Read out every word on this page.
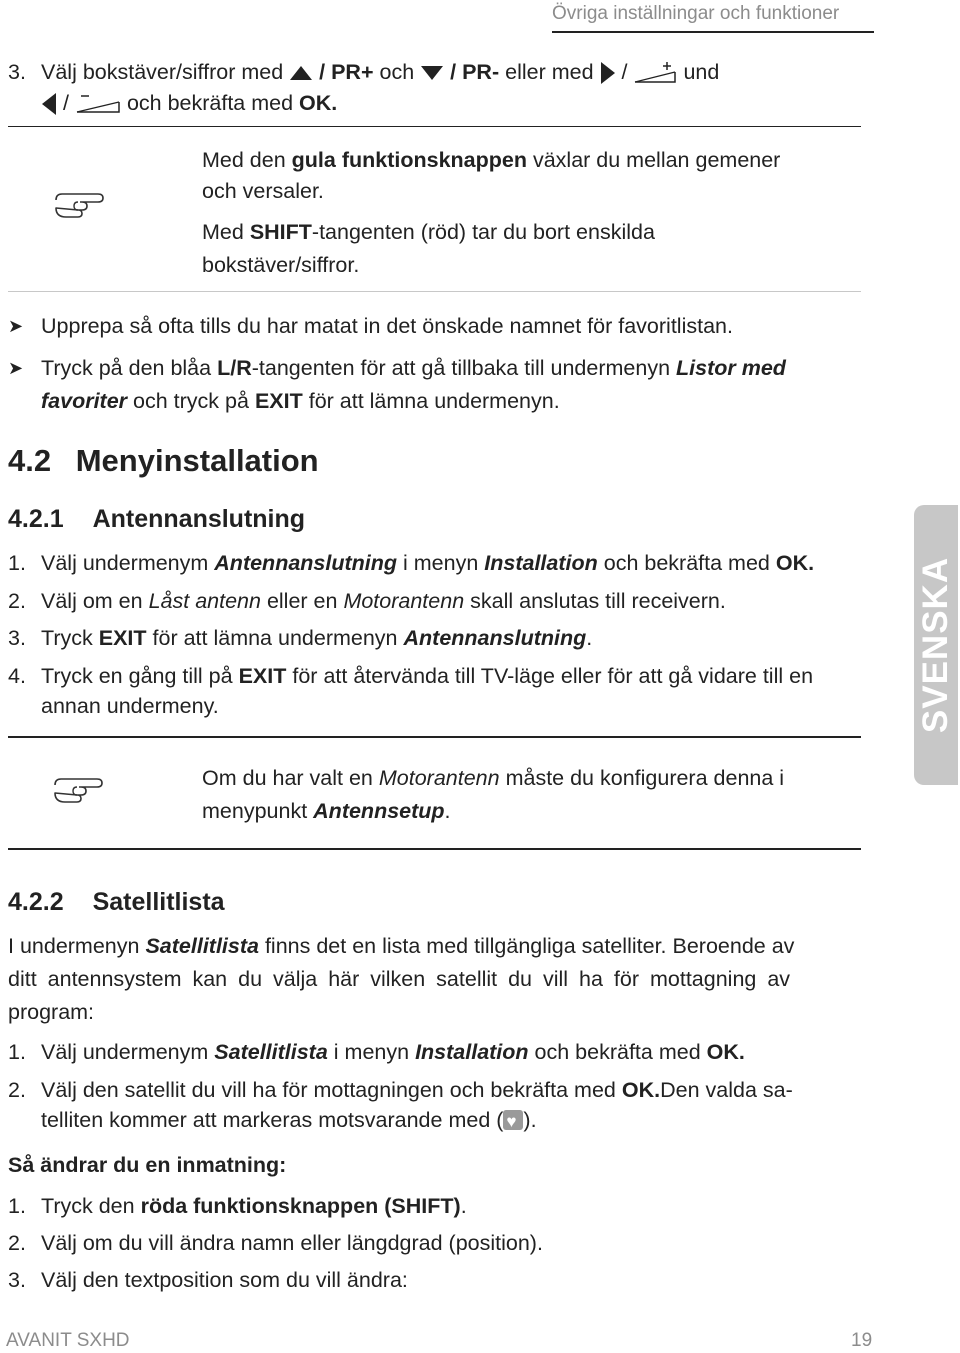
Övriga inställningar och funktioner
3. Välj bokstäver/siffror med / PR+ och / PR- eller med /	und
/	och bekräfta med OK.
Med den gula funktionsknappen växlar du mellan gemener
och versaler.
Med SHIFT-tangenten (röd) tar du bort enskilda
bokstäver/siffror.
➤ Upprepa så ofta tills du har matat in det önskade namnet för favoritlistan.
➤ Tryck på den blåa L/R-tangenten för att gå tillbaka till undermenyn Listor med
favoriter och tryck på EXIT för att lämna undermenyn.
4.2 Menyinstallation
4.2.1 Antennanslutning
1. Välj undermenym Antennanslutning i menyn Installation och bekräfta med OK.
2. Välj om en Låst antenn eller en Motorantenn skall anslutas till receivern.
3. Tryck EXIT för att lämna undermenyn Antennanslutning.
4. Tryck en gång till på EXIT för att återvända till TV-läge eller för att gå vidare till en
annan undermeny.
Om du har valt en Motorantenn måste du konfigurera denna i
menypunkt Antennsetup.
4.2.2 Satellitlista
I undermenyn Satellitlista finns det en lista med tillgängliga satelliter. Beroende av
ditt antennsystem kan du välja här vilken satellit du vill ha för mottagning av
program:
1. Välj undermenym Satellitlista i menyn Installation och bekräfta med OK.
2. Välj den satellit du vill ha för mottagningen och bekräfta med OK.Den valda sa-
telliten kommer att markeras motsvarande med (♥ ).
Så ändrar du en inmatning:
1. Tryck den röda funktionsknappen (SHIFT).
2. Välj om du vill ändra namn eller längdgrad (position).
3. Välj den textposition som du vill ändra:
SVENSKA
AVANIT SXHD	19
